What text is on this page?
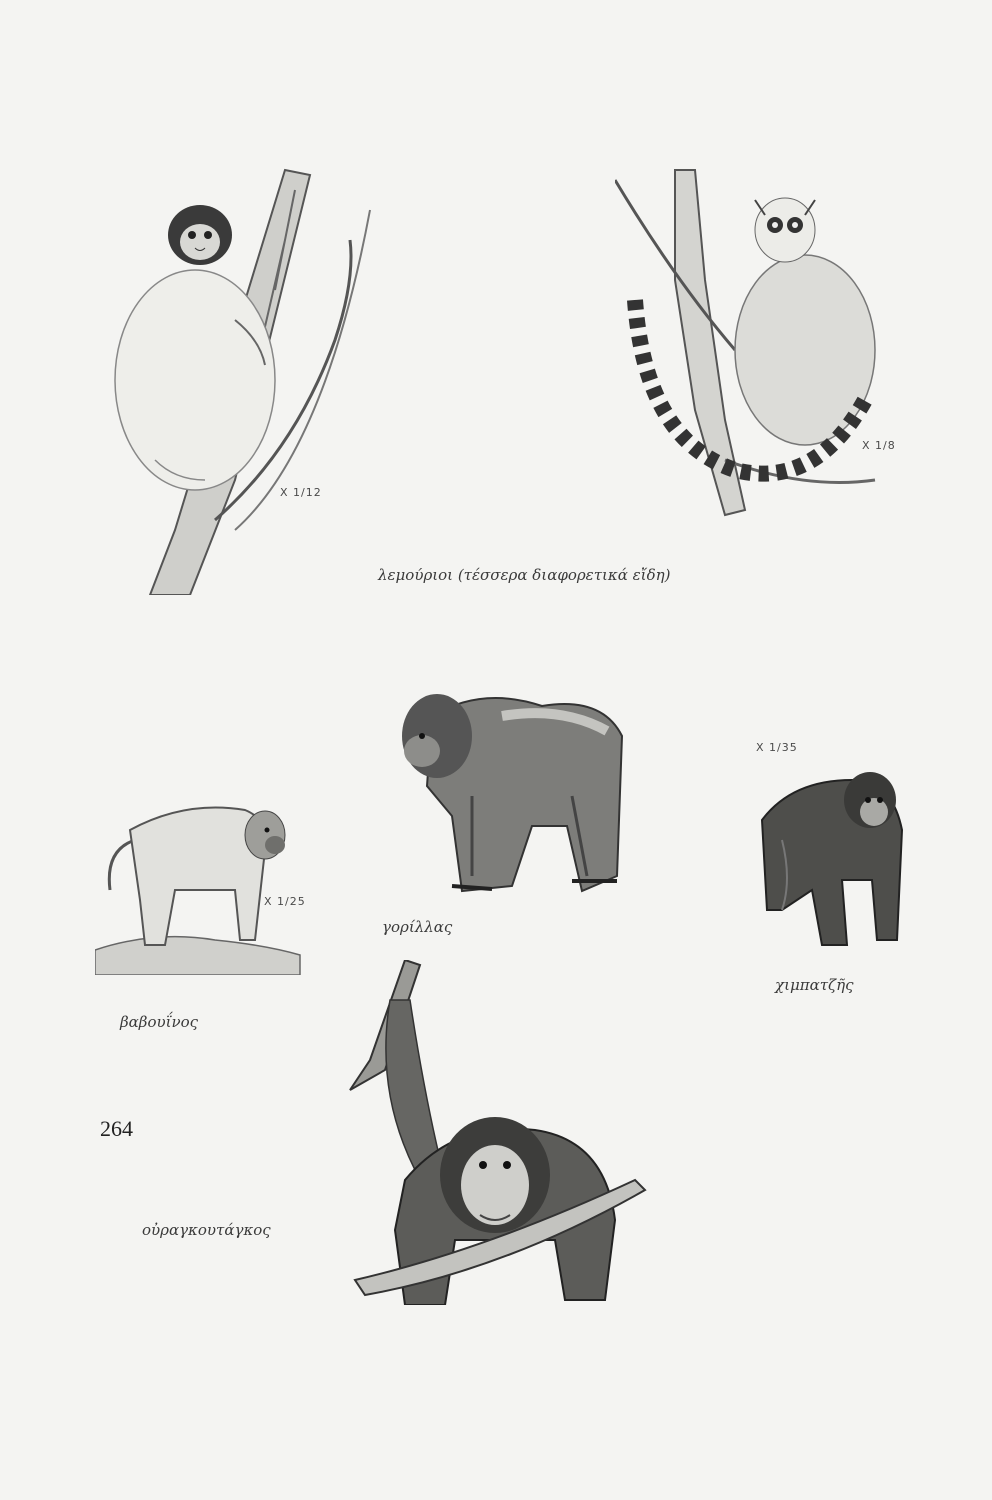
X 1/12
X 1/8
λεμούριοι (τέσσερα διαφορετικά εἴδη)
γορίλλας
X 1/35
χιμπατζῆς
X 1/25
βαβουΐνος
οὐραγκουτάγκος
264
